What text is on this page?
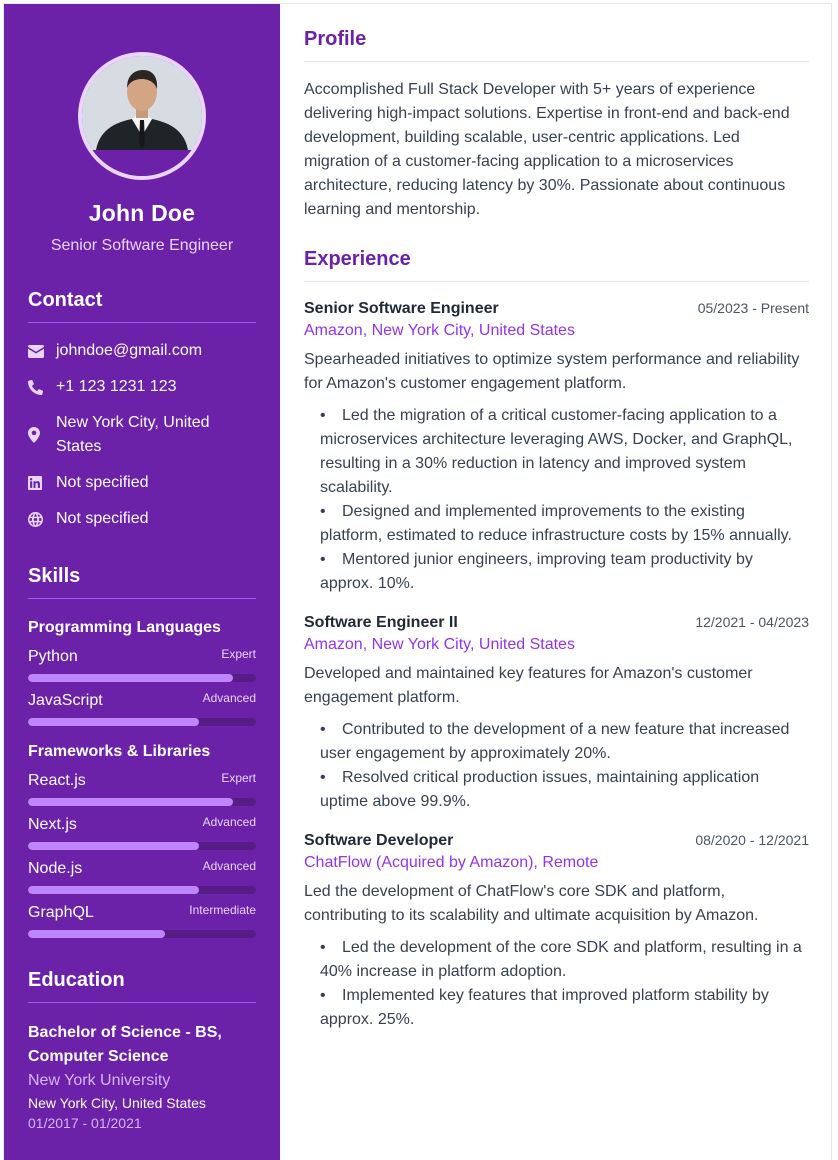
John Doe
Senior Software Engineer
Contact
johndoe@gmail.com
+1 123 1231 123
New York City, United States
Not specified
Not specified
Skills
Programming Languages
Python	Expert
JavaScript	Advanced
Frameworks & Libraries
React.js	Expert
Next.js	Advanced
Node.js	Advanced
GraphQL	Intermediate
Education
Bachelor of Science - BS, Computer Science
New York University
New York City, United States
01/2017 - 01/2021
Profile

Accomplished Full Stack Developer with 5+ years of experience delivering high-impact solutions. Expertise in front-end and back-end development, building scalable, user-centric applications. Led migration of a customer-facing application to a microservices architecture, reducing latency by 30%. Passionate about continuous learning and mentorship.

Experience
Senior Software Engineer	05/2023 - Present
Amazon, New York City, United States

Spearheaded initiatives to optimize system performance and reliability for Amazon's customer engagement platform.

• Led the migration of a critical customer-facing application to a microservices architecture leveraging AWS, Docker, and GraphQL, resulting in a 30% reduction in latency and improved system scalability.
• Designed and implemented improvements to the existing platform, estimated to reduce infrastructure costs by 15% annually.
• Mentored junior engineers, improving team productivity by approx. 10%.
Software Engineer II	12/2021 - 04/2023
Amazon, New York City, United States

Developed and maintained key features for Amazon's customer engagement platform.

• Contributed to the development of a new feature that increased user engagement by approximately 20%.
• Resolved critical production issues, maintaining application uptime above 99.9%.
Software Developer	08/2020 - 12/2021
ChatFlow (Acquired by Amazon), Remote

Led the development of ChatFlow's core SDK and platform, contributing to its scalability and ultimate acquisition by Amazon.

• Led the development of the core SDK and platform, resulting in a 40% increase in platform adoption.
• Implemented key features that improved platform stability by approx. 25%.
